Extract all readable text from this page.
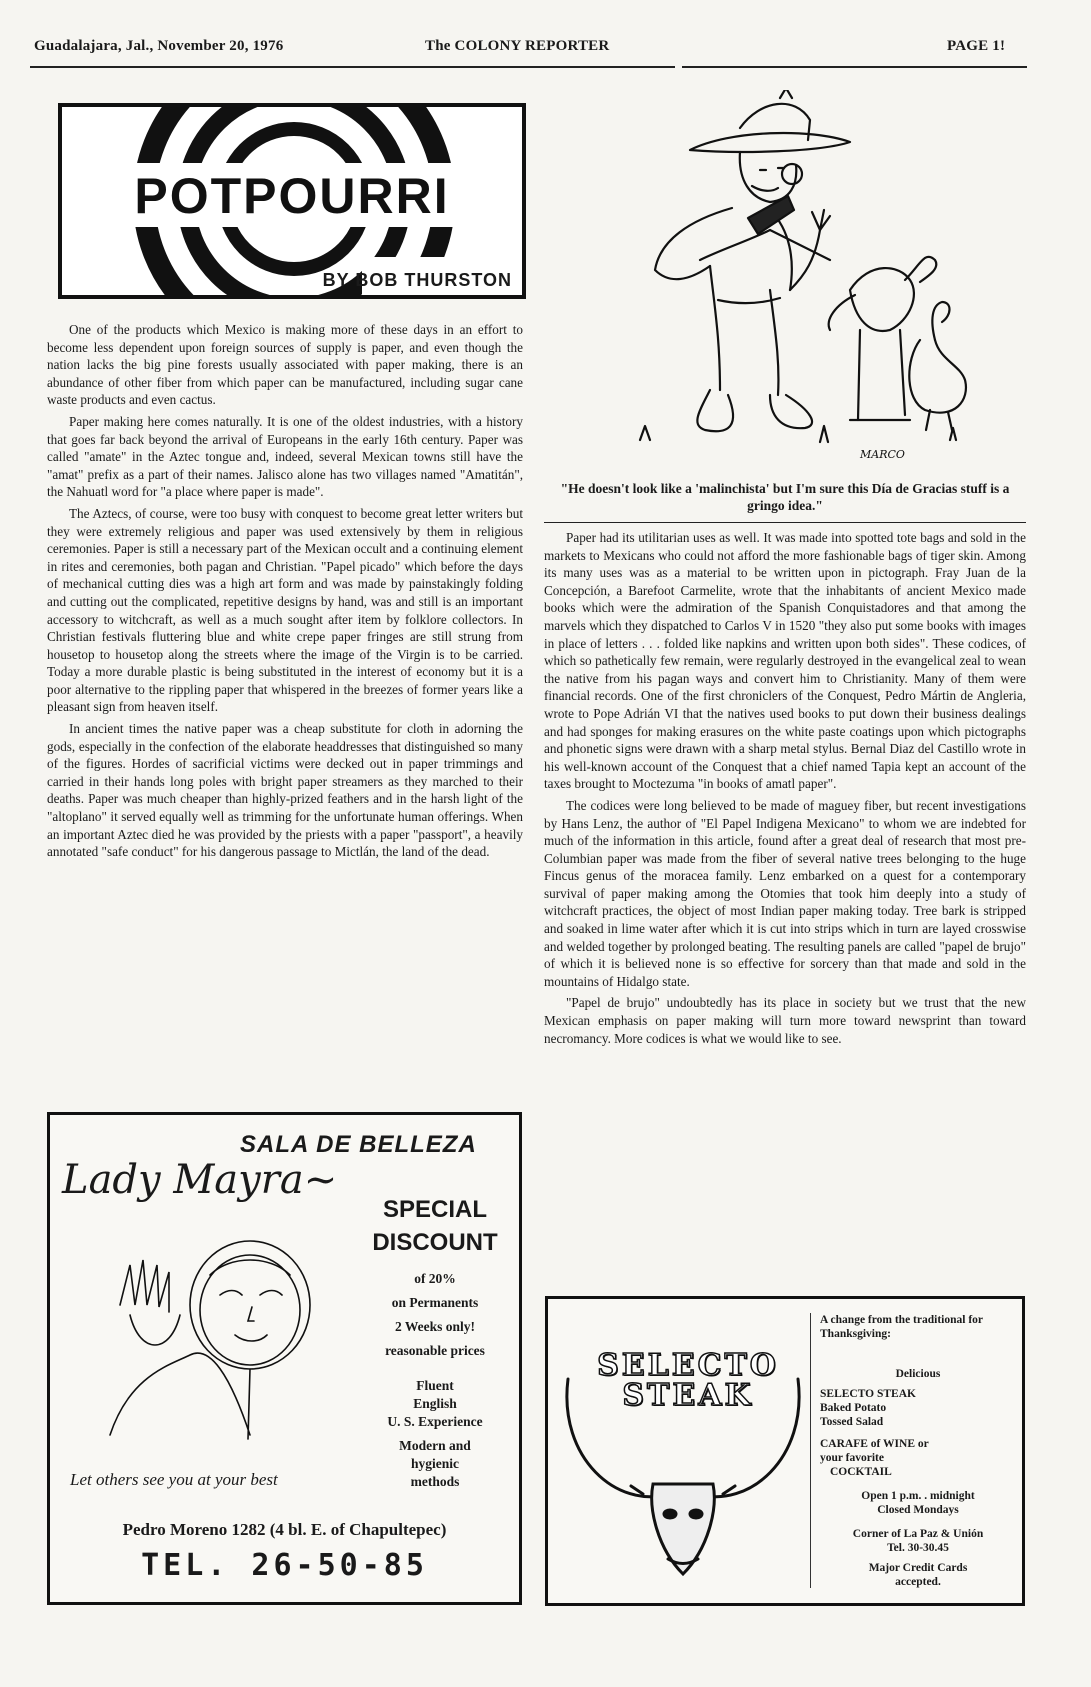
Guadalajara, Jal., November 20, 1976	The COLONY REPORTER	PAGE 1!
POTPOURRI
BY BOB THURSTON

One of the products which Mexico is making more of these days in an effort to become less dependent upon foreign sources of supply is paper, and even though the nation lacks the big pine forests usually associated with paper making, there is an abundance of other fiber from which paper can be manufactured, including sugar cane waste products and even cactus.

Paper making here comes naturally. It is one of the oldest industries, with a history that goes far back beyond the arrival of Europeans in the early 16th century. Paper was called "amate" in the Aztec tongue and, indeed, several Mexican towns still have the "amat" prefix as a part of their names. Jalisco alone has two villages named "Amatitán", the Nahuatl word for "a place where paper is made".

The Aztecs, of course, were too busy with conquest to become great letter writers but they were extremely religious and paper was used extensively by them in religious ceremonies. Paper is still a necessary part of the Mexican occult and a continuing element in rites and ceremonies, both pagan and Christian. "Papel picado" which before the days of mechanical cutting dies was a high art form and was made by painstakingly folding and cutting out the complicated, repetitive designs by hand, was and still is an important accessory to witchcraft, as well as a much sought after item by folklore collectors. In Christian festivals fluttering blue and white crepe paper fringes are still strung from housetop to housetop along the streets where the image of the Virgin is to be carried. Today a more durable plastic is being substituted in the interest of economy but it is a poor alternative to the rippling paper that whispered in the breezes of former years like a pleasant sign from heaven itself.

In ancient times the native paper was a cheap substitute for cloth in adorning the gods, especially in the confection of the elaborate headdresses that distinguished so many of the figures. Hordes of sacrificial victims were decked out in paper trimmings and carried in their hands long poles with bright paper streamers as they marched to their deaths. Paper was much cheaper than highly-prized feathers and in the harsh light of the "altoplano" it served equally well as trimming for the unfortunate human offerings. When an important Aztec died he was provided by the priests with a paper "passport", a heavily annotated "safe conduct" for his dangerous passage to Mictlán, the land of the dead.

MARCO
"He doesn't look like a 'malinchista' but I'm sure this Día de Gracias stuff is a gringo idea."

Paper had its utilitarian uses as well. It was made into spotted tote bags and sold in the markets to Mexicans who could not afford the more fashionable bags of tiger skin. Among its many uses was as a material to be written upon in pictograph. Fray Juan de la Concepción, a Barefoot Carmelite, wrote that the inhabitants of ancient Mexico made books which were the admiration of the Spanish Conquistadores and that among the marvels which they dispatched to Carlos V in 1520 "they also put some books with images in place of letters . . . folded like napkins and written upon both sides". These codices, of which so pathetically few remain, were regularly destroyed in the evangelical zeal to wean the native from his pagan ways and convert him to Christianity. Many of them were financial records. One of the first chroniclers of the Conquest, Pedro Mártin de Angleria, wrote to Pope Adrián VI that the natives used books to put down their business dealings and had sponges for making erasures on the white paste coatings upon which pictographs and phonetic signs were drawn with a sharp metal stylus. Bernal Diaz del Castillo wrote in his well-known account of the Conquest that a chief named Tapia kept an account of the taxes brought to Moctezuma "in books of amatl paper".

The codices were long believed to be made of maguey fiber, but recent investigations by Hans Lenz, the author of "El Papel Indigena Mexicano" to whom we are indebted for much of the information in this article, found after a great deal of research that most pre-Columbian paper was made from the fiber of several native trees belonging to the huge Fincus genus of the moracea family. Lenz embarked on a quest for a contemporary survival of paper making among the Otomies that took him deeply into a study of witchcraft practices, the object of most Indian paper making today. Tree bark is stripped and soaked in lime water after which it is cut into strips which in turn are layed crosswise and welded together by prolonged beating. The resulting panels are called "papel de brujo" of which it is believed none is so effective for sorcery than that made and sold in the mountains of Hidalgo state.

"Papel de brujo" undoubtedly has its place in society but we trust that the new Mexican emphasis on paper making will turn more toward newsprint than toward necromancy. More codices is what we would like to see.

SALA DE BELLEZA
Lady Mayra~
SPECIAL
DISCOUNT
of 20%
on Permanents
2 Weeks only!
reasonable prices
Fluent
English
U. S. Experience
Modern and
hygienic
methods
Let others see you at your best
Pedro Moreno 1282 (4 bl. E. of Chapultepec)
TEL. 26-50-85
SELECTO
STEAK
A change from the traditional for Thanksgiving:
Delicious
SELECTO STEAK
Baked Potato
Tossed Salad
CARAFE of WINE or
your favorite
COCKTAIL
Open 1 p.m. . midnight
Closed Mondays
Corner of La Paz & Unión
Tel. 30-30.45
Major Credit Cards
accepted.
